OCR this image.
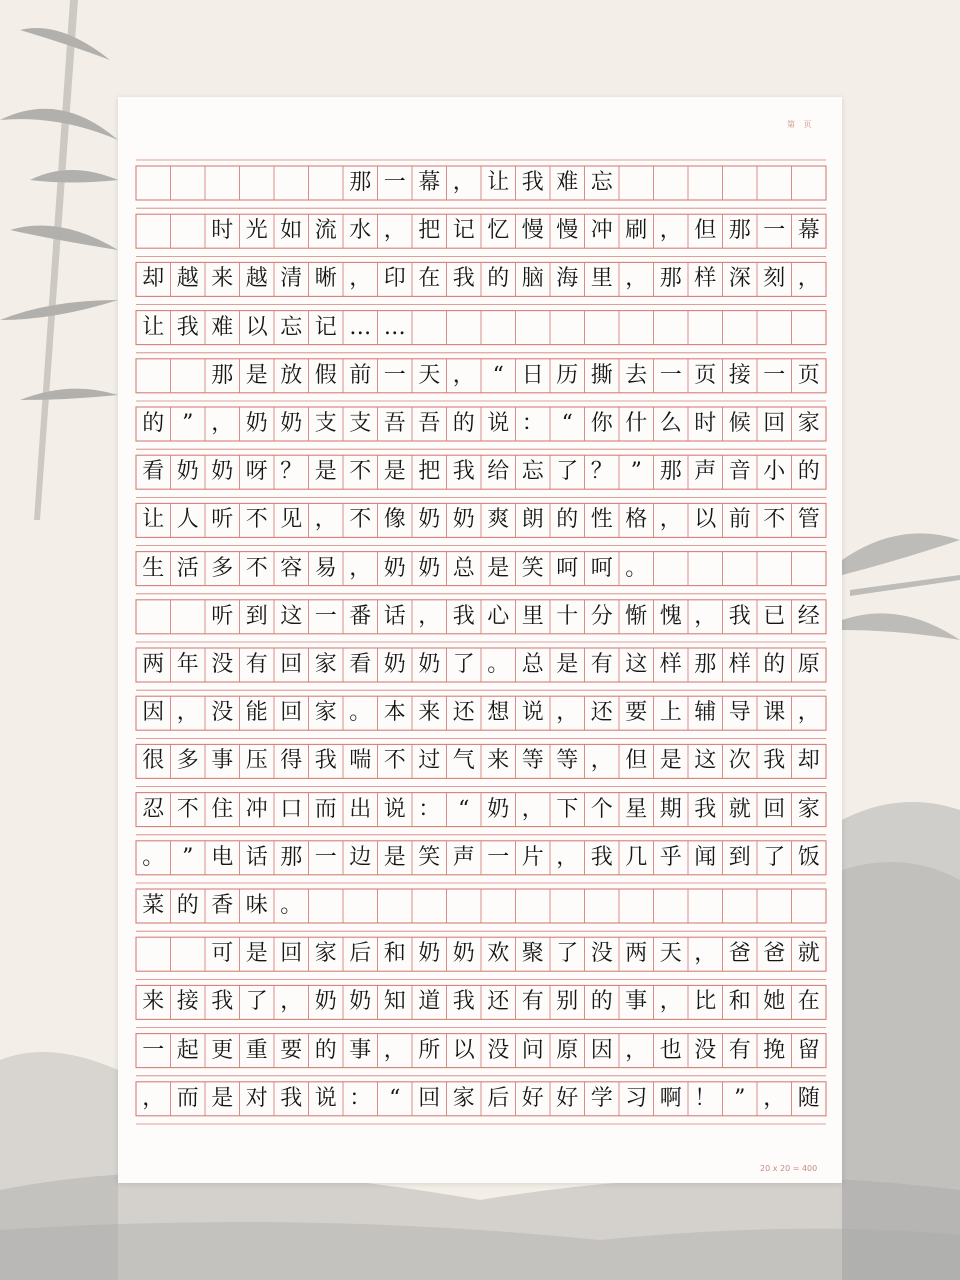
第 页
那 一 幕 ， 让 我 难 忘
时 光 如 流 水 ， 把 记 忆 慢 慢 冲 刷 ， 但 那 一 幕
却 越 来 越 清 晰 ， 印 在 我 的 脑 海 里 ， 那 样 深 刻 ，
让 我 难 以 忘 记 … …
那 是 放 假 前 一 天 ， “ 日 历 撕 去 一 页 接 一 页
的 ” ， 奶 奶 支 支 吾 吾 的 说 ： “ 你 什 么 时 候 回 家
看 奶 奶 呀 ？ 是 不 是 把 我 给 忘 了 ？ ” 那 声 音 小 的
让 人 听 不 见 ， 不 像 奶 奶 爽 朗 的 性 格 ， 以 前 不 管
生 活 多 不 容 易 ， 奶 奶 总 是 笑 呵 呵 。
听 到 这 一 番 话 ， 我 心 里 十 分 惭 愧 ， 我 已 经
两 年 没 有 回 家 看 奶 奶 了 。 总 是 有 这 样 那 样 的 原
因 ， 没 能 回 家 。 本 来 还 想 说 ， 还 要 上 辅 导 课 ，
很 多 事 压 得 我 喘 不 过 气 来 等 等 ， 但 是 这 次 我 却
忍 不 住 冲 口 而 出 说 ： “ 奶 ， 下 个 星 期 我 就 回 家
。 ” 电 话 那 一 边 是 笑 声 一 片 ， 我 几 乎 闻 到 了 饭
菜 的 香 味 。
可 是 回 家 后 和 奶 奶 欢 聚 了 没 两 天 ， 爸 爸 就
来 接 我 了 ， 奶 奶 知 道 我 还 有 别 的 事 ， 比 和 她 在
一 起 更 重 要 的 事 ， 所 以 没 问 原 因 ， 也 没 有 挽 留
， 而 是 对 我 说 ： “ 回 家 后 好 好 学 习 啊 ！ ” ， 随
20 x 20 = 400
